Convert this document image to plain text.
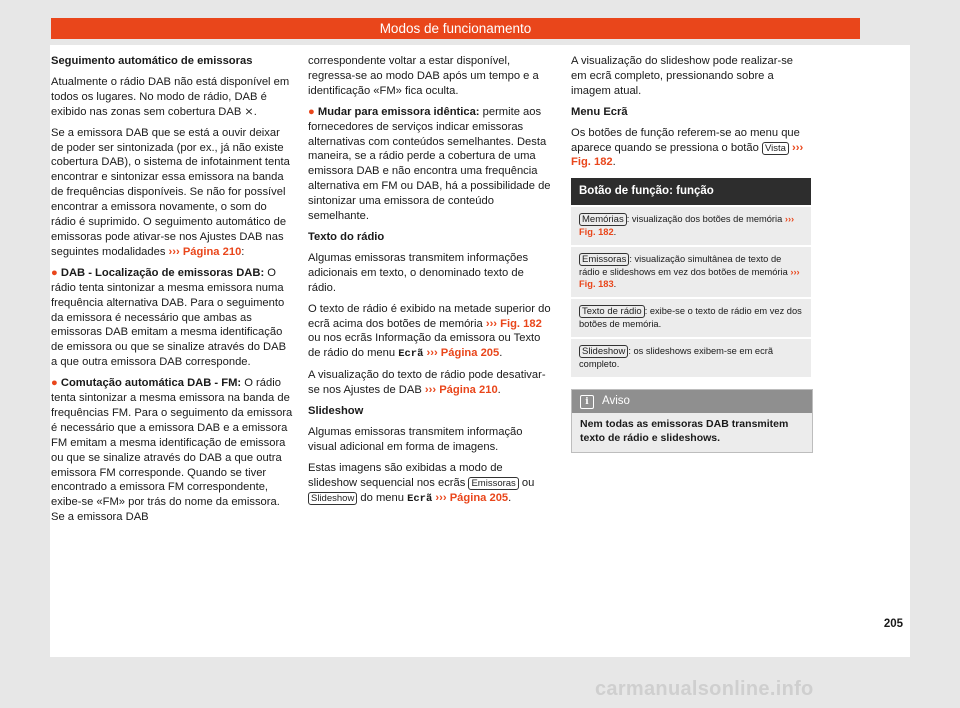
Modos de funcionamento

Seguimento automático de emissoras

Atualmente o rádio DAB não está disponível em todos os lugares. No modo de rádio, DAB é exibido nas zonas sem cobertura DAB ⨯.

Se a emissora DAB que se está a ouvir deixar de poder ser sintonizada (por ex., já não existe cobertura DAB), o sistema de infotainment tenta encontrar e sintonizar essa emissora na banda de frequências disponíveis. Se não for possível encontrar a emissora novamente, o som do rádio é suprimido. O seguimento automático de emissoras pode ativar-se nos Ajustes DAB nas seguintes modalidades ››› Página 210:

● DAB - Localização de emissoras DAB: O rádio tenta sintonizar a mesma emissora numa frequência alternativa DAB. Para o seguimento da emissora é necessário que ambas as emissoras DAB emitam a mesma identificação de emissora ou que se sinalize através do DAB a que outra emissora DAB corresponde.

● Comutação automática DAB - FM: O rádio tenta sintonizar a mesma emissora na banda de frequências FM. Para o seguimento da emissora é necessário que a emissora DAB e a emissora FM emitam a mesma identificação de emissora ou que se sinalize através do DAB a que outra emissora FM corresponde. Quando se tiver encontrado a emissora FM correspondente, exibe-se «FM» por trás do nome da emissora. Se a emissora DAB

correspondente voltar a estar disponível, regressa-se ao modo DAB após um tempo e a identificação «FM» fica oculta.

● Mudar para emissora idêntica: permite aos fornecedores de serviços indicar emissoras alternativas com conteúdos semelhantes. Desta maneira, se a rádio perde a cobertura de uma emissora DAB e não encontra uma frequência alternativa em FM ou DAB, há a possibilidade de sintonizar uma emissora de conteúdo semelhante.

Texto do rádio

Algumas emissoras transmitem informações adicionais em texto, o denominado texto de rádio.

O texto de rádio é exibido na metade superior do ecrã acima dos botões de memória ››› Fig. 182 ou nos ecrãs Informação da emissora ou Texto de rádio do menu Ecrã ››› Página 205.

A visualização do texto de rádio pode desativar-se nos Ajustes de DAB ››› Página 210.

Slideshow

Algumas emissoras transmitem informação visual adicional em forma de imagens.

Estas imagens são exibidas a modo de slideshow sequencial nos ecrãs Emissoras ou Slideshow do menu Ecrã ››› Página 205.

A visualização do slideshow pode realizar-se em ecrã completo, pressionando sobre a imagem atual.

Menu Ecrã

Os botões de função referem-se ao menu que aparece quando se pressiona o botão Vista ››› Fig. 182.

Botão de função: função
Memórias : visualização dos botões de memória ››› Fig. 182.
Emissoras : visualização simultânea de texto de rádio e slideshows em vez dos botões de memória ››› Fig. 183.
Texto de rádio : exibe-se o texto de rádio em vez dos botões de memória.
Slideshow : os slideshows exibem-se em ecrã completo.
i	Aviso
Nem todas as emissoras DAB transmitem texto de rádio e slideshows.
205
carmanualsonline.info
